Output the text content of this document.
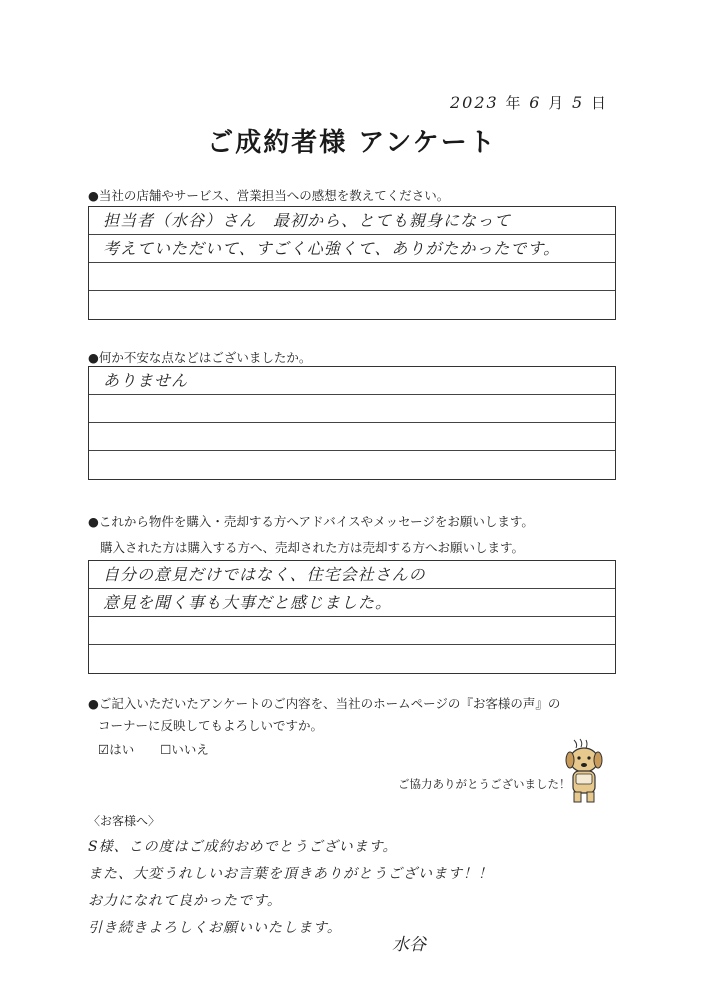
2023 年 6 月 5 日
ご成約者様 アンケート
●当社の店舗やサービス、営業担当への感想を教えてください。
担当者（水谷）さん　最初から、とても親身になって
考えていただいて、すごく心強くて、ありがたかったです。
●何か不安な点などはございましたか。
ありません
●これから物件を購入・売却する方へアドバイスやメッセージをお願いします。
購入された方は購入する方へ、売却された方は売却する方へお願いします。
自分の意見だけではなく、住宅会社さんの
意見を聞く事も大事だと感じました。
●ご記入いただいたアンケートのご内容を、当社のホームページの『お客様の声』の
コーナーに反映してもよろしいですか。
☑はい ☐いいえ
ご協力ありがとうございました！
〈お客様へ〉
S様、この度はご成約おめでとうございます。
また、大変うれしいお言葉を頂きありがとうございます！！
お力になれて良かったです。
引き続きよろしくお願いいたします。
水谷
